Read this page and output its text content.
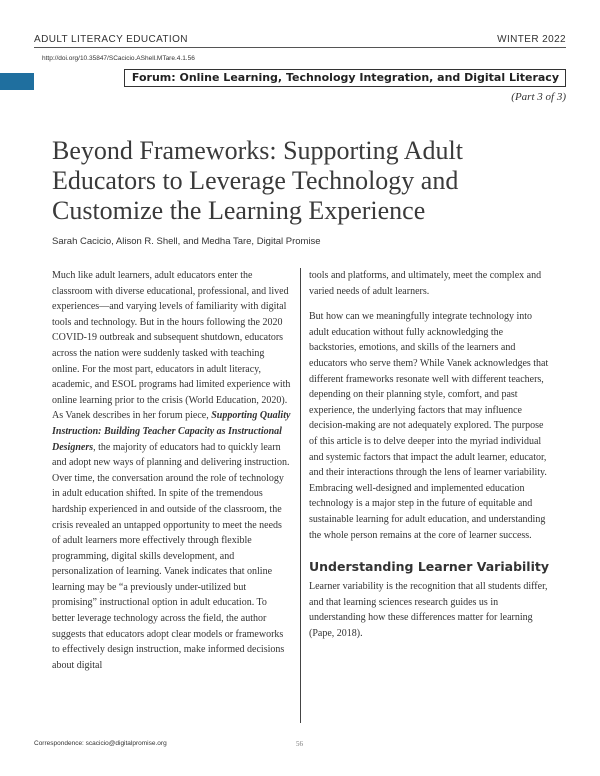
ADULT LITERACY EDUCATION	WINTER 2022
http://doi.org/10.35847/SCacicio.AShell.MTare.4.1.56
Forum: Online Learning, Technology Integration, and Digital Literacy
(Part 3 of 3)
Beyond Frameworks: Supporting Adult Educators to Leverage Technology and Customize the Learning Experience
Sarah Cacicio, Alison R. Shell, and Medha Tare, Digital Promise

Much like adult learners, adult educators enter the classroom with diverse educational, professional, and lived experiences—and varying levels of familiarity with digital tools and technology. But in the hours following the 2020 COVID-19 outbreak and subsequent shutdown, educators across the nation were suddenly tasked with teaching online. For the most part, educators in adult literacy, academic, and ESOL programs had limited experience with online learning prior to the crisis (World Education, 2020). As Vanek describes in her forum piece, Supporting Quality Instruction: Building Teacher Capacity as Instructional Designers, the majority of educators had to quickly learn and adopt new ways of planning and delivering instruction.

Over time, the conversation around the role of technology in adult education shifted. In spite of the tremendous hardship experienced in and outside of the classroom, the crisis revealed an untapped opportunity to meet the needs of adult learners more effectively through flexible programming, digital skills development, and personalization of learning. Vanek indicates that online learning may be “a previously under-utilized but promising” instructional option in adult education. To better leverage technology across the field, the author suggests that educators adopt clear models or frameworks to effectively design instruction, make informed decisions about digital

tools and platforms, and ultimately, meet the complex and varied needs of adult learners.

But how can we meaningfully integrate technology into adult education without fully acknowledging the backstories, emotions, and skills of the learners and educators who serve them? While Vanek acknowledges that different frameworks resonate well with different teachers, depending on their planning style, comfort, and past experience, the underlying factors that may influence decision-making are not adequately explored. The purpose of this article is to delve deeper into the myriad individual and systemic factors that impact the adult learner, educator, and their interactions through the lens of learner variability. Embracing well-designed and implemented education technology is a major step in the future of equitable and sustainable learning for adult education, and understanding the whole person remains at the core of learner success.

Understanding Learner Variability

Learner variability is the recognition that all students differ, and that learning sciences research guides us in understanding how these differences matter for learning (Pape, 2018).

Correspondence: scacicio@digitalpromise.org	56
